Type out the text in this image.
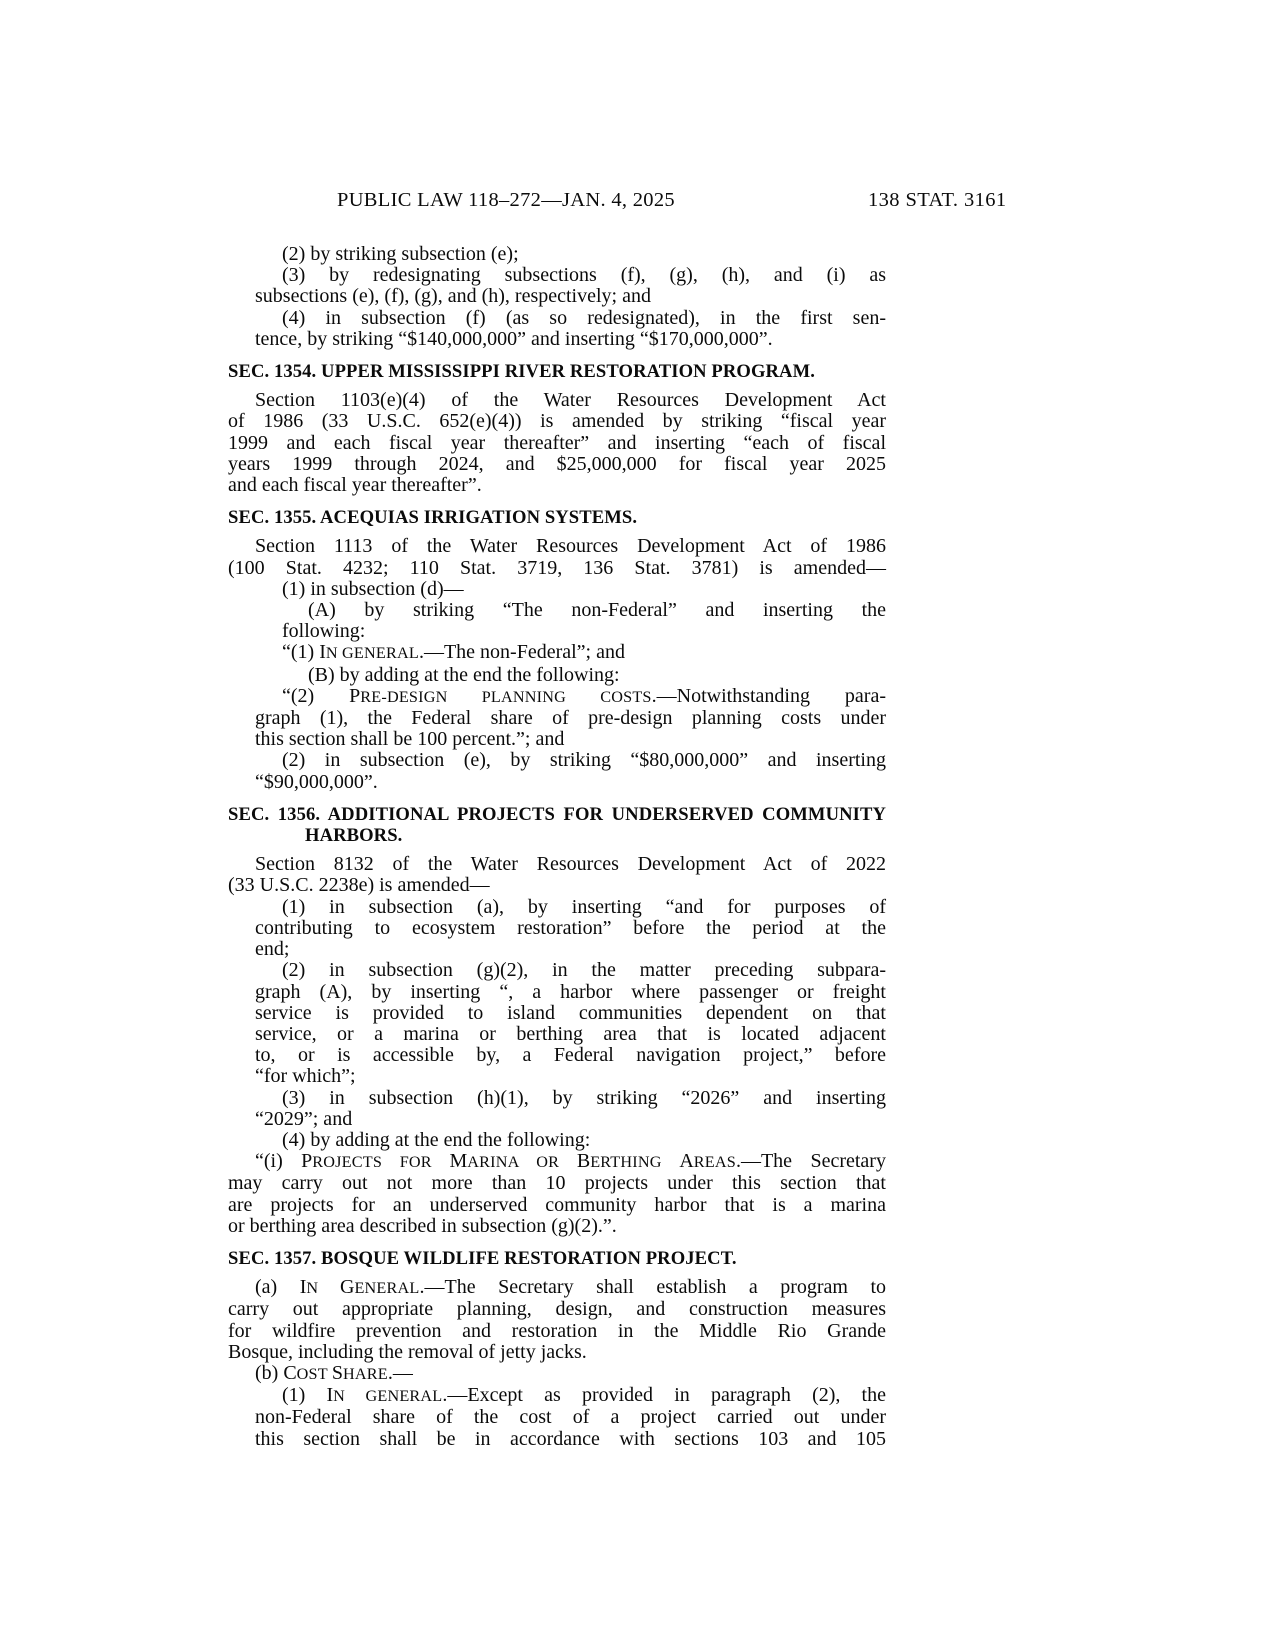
PUBLIC LAW 118–272—JAN. 4, 2025	138 STAT. 3161
(2) by striking subsection (e);
(3) by redesignating subsections (f), (g), (h), and (i) as
subsections (e), (f), (g), and (h), respectively; and
(4) in subsection (f) (as so redesignated), in the first sen-
tence, by striking “$140,000,000” and inserting “$170,000,000”.
SEC. 1354. UPPER MISSISSIPPI RIVER RESTORATION PROGRAM.
Section 1103(e)(4) of the Water Resources Development Act
of 1986 (33 U.S.C. 652(e)(4)) is amended by striking “fiscal year
1999 and each fiscal year thereafter” and inserting “each of fiscal
years 1999 through 2024, and $25,000,000 for fiscal year 2025
and each fiscal year thereafter”.
SEC. 1355. ACEQUIAS IRRIGATION SYSTEMS.
Section 1113 of the Water Resources Development Act of 1986
(100 Stat. 4232; 110 Stat. 3719, 136 Stat. 3781) is amended—
(1) in subsection (d)—
(A) by striking “The non-Federal” and inserting the
following:
“(1) IN GENERAL.—The non-Federal”; and
(B) by adding at the end the following:
“(2) PRE-DESIGN PLANNING COSTS.—Notwithstanding para-
graph (1), the Federal share of pre-design planning costs under
this section shall be 100 percent.”; and
(2) in subsection (e), by striking “$80,000,000” and inserting
“$90,000,000”.
SEC. 1356. ADDITIONAL PROJECTS FOR UNDERSERVED COMMUNITY
HARBORS.
Section 8132 of the Water Resources Development Act of 2022
(33 U.S.C. 2238e) is amended—
(1) in subsection (a), by inserting “and for purposes of
contributing to ecosystem restoration” before the period at the
end;
(2) in subsection (g)(2), in the matter preceding subpara-
graph (A), by inserting “, a harbor where passenger or freight
service is provided to island communities dependent on that
service, or a marina or berthing area that is located adjacent
to, or is accessible by, a Federal navigation project,” before
“for which”;
(3) in subsection (h)(1), by striking “2026” and inserting
“2029”; and
(4) by adding at the end the following:
“(i) PROJECTS FOR MARINA OR BERTHING AREAS.—The Secretary
may carry out not more than 10 projects under this section that
are projects for an underserved community harbor that is a marina
or berthing area described in subsection (g)(2).”.
SEC. 1357. BOSQUE WILDLIFE RESTORATION PROJECT.
(a) IN GENERAL.—The Secretary shall establish a program to
carry out appropriate planning, design, and construction measures
for wildfire prevention and restoration in the Middle Rio Grande
Bosque, including the removal of jetty jacks.
(b) COST SHARE.—
(1) IN GENERAL.—Except as provided in paragraph (2), the
non-Federal share of the cost of a project carried out under
this section shall be in accordance with sections 103 and 105
